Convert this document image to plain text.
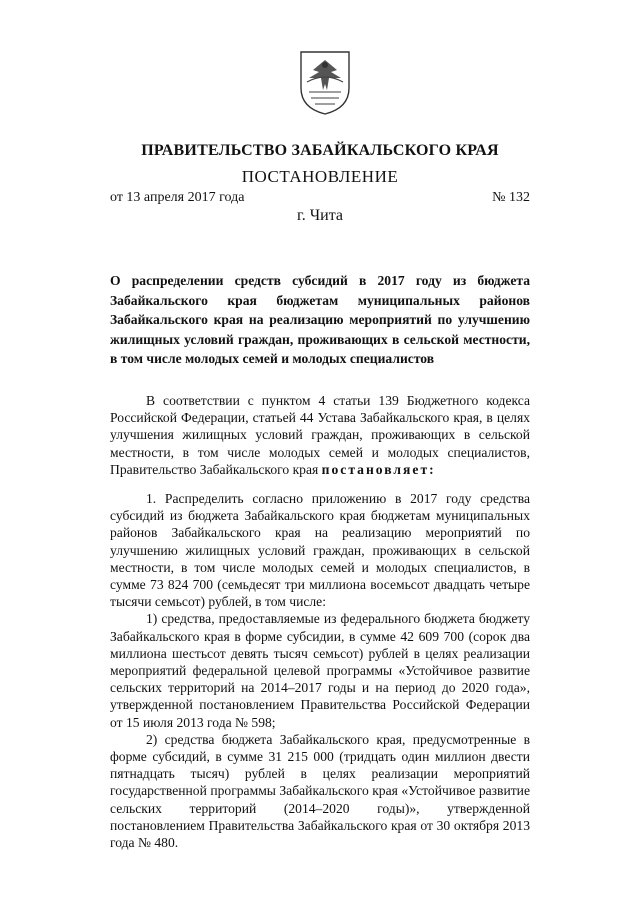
ПРАВИТЕЛЬСТВО ЗАБАЙКАЛЬСКОГО КРАЯ
ПОСТАНОВЛЕНИЕ
от 13 апреля 2017 года	№ 132
г. Чита
О распределении средств субсидий в 2017 году из бюджета Забайкальского края бюджетам муниципальных районов Забайкальского края на реализацию мероприятий по улучшению жилищных условий граждан, проживающих в сельской местности, в том числе молодых семей и молодых специалистов

В соответствии с пунктом 4 статьи 139 Бюджетного кодекса Российской Федерации, статьей 44 Устава Забайкальского края, в целях улучшения жилищных условий граждан, проживающих в сельской местности, в том числе молодых семей и молодых специалистов, Правительство Забайкальского края постановляет:

1. Распределить согласно приложению в 2017 году средства субсидий из бюджета Забайкальского края бюджетам муниципальных районов Забайкальского края на реализацию мероприятий по улучшению жилищных условий граждан, проживающих в сельской местности, в том числе молодых семей и молодых специалистов, в сумме 73 824 700 (семьдесят три миллиона восемьсот двадцать четыре тысячи семьсот) рублей, в том числе:

1) средства, предоставляемые из федерального бюджета бюджету Забайкальского края в форме субсидии, в сумме 42 609 700 (сорок два миллиона шестьсот девять тысяч семьсот) рублей в целях реализации мероприятий федеральной целевой программы «Устойчивое развитие сельских территорий на 2014–2017 годы и на период до 2020 года», утвержденной постановлением Правительства Российской Федерации от 15 июля 2013 года № 598;

2) средства бюджета Забайкальского края, предусмотренные в форме субсидий, в сумме 31 215 000 (тридцать один миллион двести пятнадцать тысяч) рублей в целях реализации мероприятий государственной программы Забайкальского края «Устойчивое развитие сельских территорий (2014–2020 годы)», утвержденной постановлением Правительства Забайкальского края от 30 октября 2013 года № 480.
